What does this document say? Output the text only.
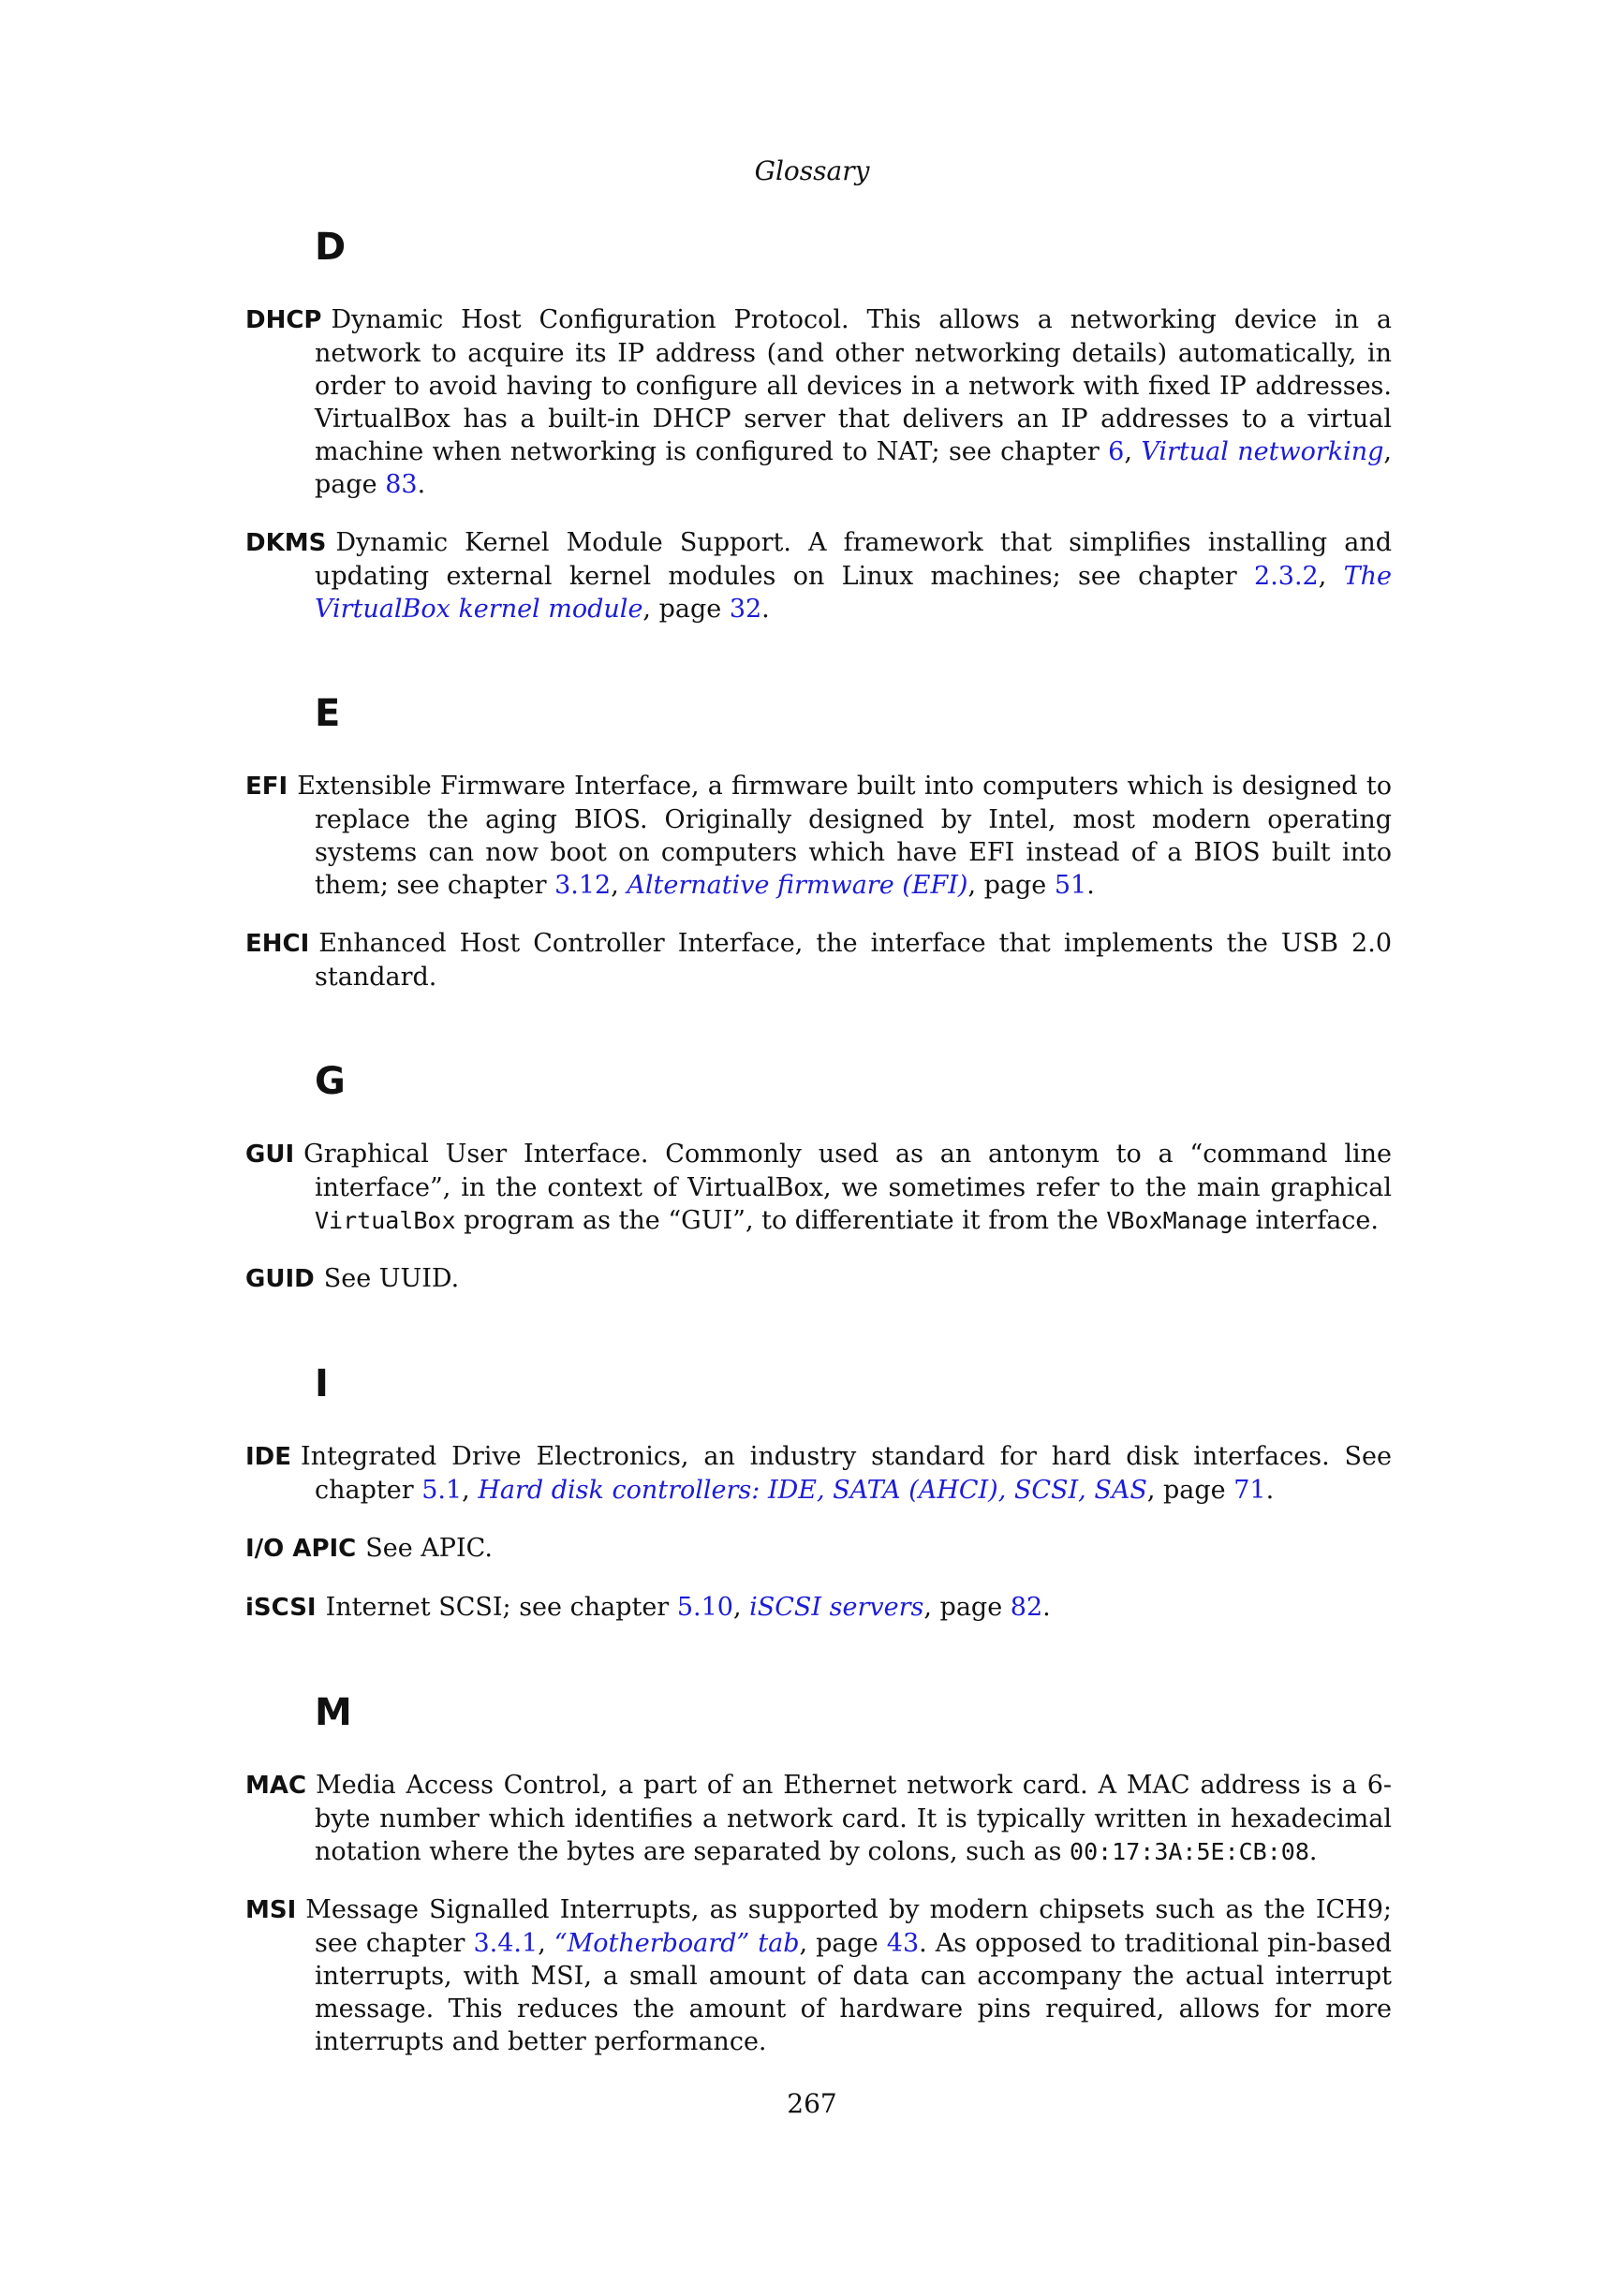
Glossary
D

DHCP Dynamic Host Configuration Protocol. This allows a networking device in a network to acquire its IP address (and other networking details) automatically, in order to avoid having to configure all devices in a network with fixed IP addresses. VirtualBox has a built-in DHCP server that delivers an IP addresses to a virtual machine when networking is configured to NAT; see chapter 6, Virtual networking, page 83.

DKMS Dynamic Kernel Module Support. A framework that simplifies installing and updating external kernel modules on Linux machines; see chapter 2.3.2, The VirtualBox kernel module, page 32.

E

EFI Extensible Firmware Interface, a firmware built into computers which is designed to replace the aging BIOS. Originally designed by Intel, most modern operating systems can now boot on computers which have EFI instead of a BIOS built into them; see chapter 3.12, Alternative firmware (EFI), page 51.

EHCI Enhanced Host Controller Interface, the interface that implements the USB 2.0 standard.

G

GUI Graphical User Interface. Commonly used as an antonym to a “command line interface”, in the context of VirtualBox, we sometimes refer to the main graphical VirtualBox program as the “GUI”, to differentiate it from the VBoxManage interface.

GUID See UUID.

I

IDE Integrated Drive Electronics, an industry standard for hard disk interfaces. See chapter 5.1, Hard disk controllers: IDE, SATA (AHCI), SCSI, SAS, page 71.

I/O APIC See APIC.

iSCSI Internet SCSI; see chapter 5.10, iSCSI servers, page 82.

M

MAC Media Access Control, a part of an Ethernet network card. A MAC address is a 6-byte number which identifies a network card. It is typically written in hexadecimal notation where the bytes are separated by colons, such as 00:17:3A:5E:CB:08.

MSI Message Signalled Interrupts, as supported by modern chipsets such as the ICH9; see chapter 3.4.1, “Motherboard” tab, page 43. As opposed to traditional pin-based interrupts, with MSI, a small amount of data can accompany the actual interrupt message. This reduces the amount of hardware pins required, allows for more interrupts and better performance.

267
